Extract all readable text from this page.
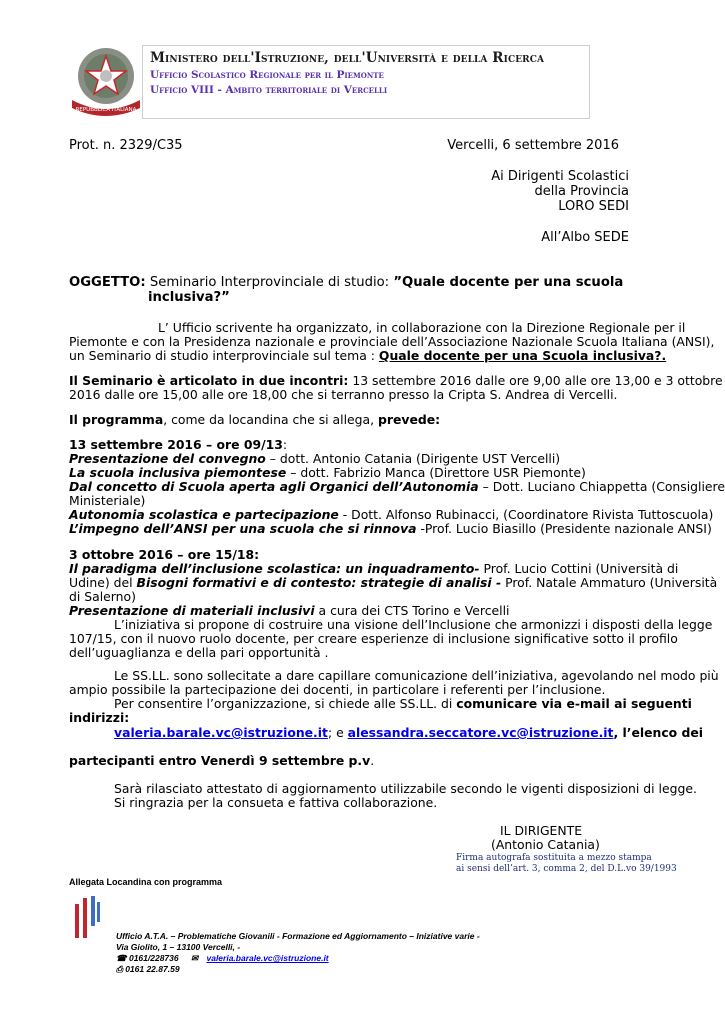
REPUBBLICA ITALIANA
Ministero dell'Istruzione, dell'Università e della Ricerca
Ufficio Scolastico Regionale per il Piemonte
Ufficio VIII - Ambito territoriale di Vercelli
Prot. n. 2329/C35	Vercelli, 6 settembre 2016
Ai Dirigenti Scolastici
della Provincia
LORO SEDI
All’Albo SEDE
OGGETTO: Seminario Interprovinciale di studio: ”Quale docente per una scuola
inclusiva?”
L’ Ufficio scrivente ha organizzato, in collaborazione con la Direzione Regionale per il
Piemonte e con la Presidenza nazionale e provinciale dell’Associazione Nazionale Scuola Italiana (ANSI),
un Seminario di studio interprovinciale sul tema : Quale docente per una Scuola inclusiva?.
Il Seminario è articolato in due incontri: 13 settembre 2016 dalle ore 9,00 alle ore 13,00 e 3 ottobre
2016 dalle ore 15,00 alle ore 18,00 che si terranno presso la Cripta S. Andrea di Vercelli.
Il programma, come da locandina che si allega, prevede:
13 settembre 2016 – ore 09/13:
Presentazione del convegno – dott. Antonio Catania (Dirigente UST Vercelli)
La scuola inclusiva piemontese – dott. Fabrizio Manca (Direttore USR Piemonte)
Dal concetto di Scuola aperta agli Organici dell’Autonomia – Dott. Luciano Chiappetta (Consigliere
Ministeriale)
Autonomia scolastica e partecipazione - Dott. Alfonso Rubinacci, (Coordinatore Rivista Tuttoscuola)
L’impegno dell’ANSI per una scuola che si rinnova -Prof. Lucio Biasillo (Presidente nazionale ANSI)
3 ottobre 2016 – ore 15/18:
Il paradigma dell’inclusione scolastica: un inquadramento- Prof. Lucio Cottini (Università di
Udine) del Bisogni formativi e di contesto: strategie di analisi - Prof. Natale Ammaturo (Università
di Salerno)
Presentazione di materiali inclusivi a cura dei CTS Torino e Vercelli
L’iniziativa si propone di costruire una visione dell’Inclusione che armonizzi i disposti della legge
107/15, con il nuovo ruolo docente, per creare esperienze di inclusione significative sotto il profilo
dell’uguaglianza e della pari opportunità .
Le SS.LL. sono sollecitate a dare capillare comunicazione dell’iniziativa, agevolando nel modo più
ampio possibile la partecipazione dei docenti, in particolare i referenti per l’inclusione.
Per consentire l’organizzazione, si chiede alle SS.LL. di comunicare via e-mail ai seguenti
indirizzi:
valeria.barale.vc@istruzione.it; e alessandra.seccatore.vc@istruzione.it, l’elenco dei
partecipanti entro Venerdì 9 settembre p.v.
Sarà rilasciato attestato di aggiornamento utilizzabile secondo le vigenti disposizioni di legge.
Si ringrazia per la consueta e fattiva collaborazione.
IL DIRIGENTE
(Antonio Catania)
Firma autografa sostituita a mezzo stampa
ai sensi dell’art. 3, comma 2, del D.L.vo 39/1993
Allegata Locandina con programma
Ufficio A.T.A. – Problematiche Giovanili - Formazione ed Aggiornamento – Iniziative varie -
Via Giolito, 1 – 13100 Vercelli, -
☎ 0161/228736 ✉ valeria.barale.vc@istruzione.it
⎙ 0161 22.87.59
